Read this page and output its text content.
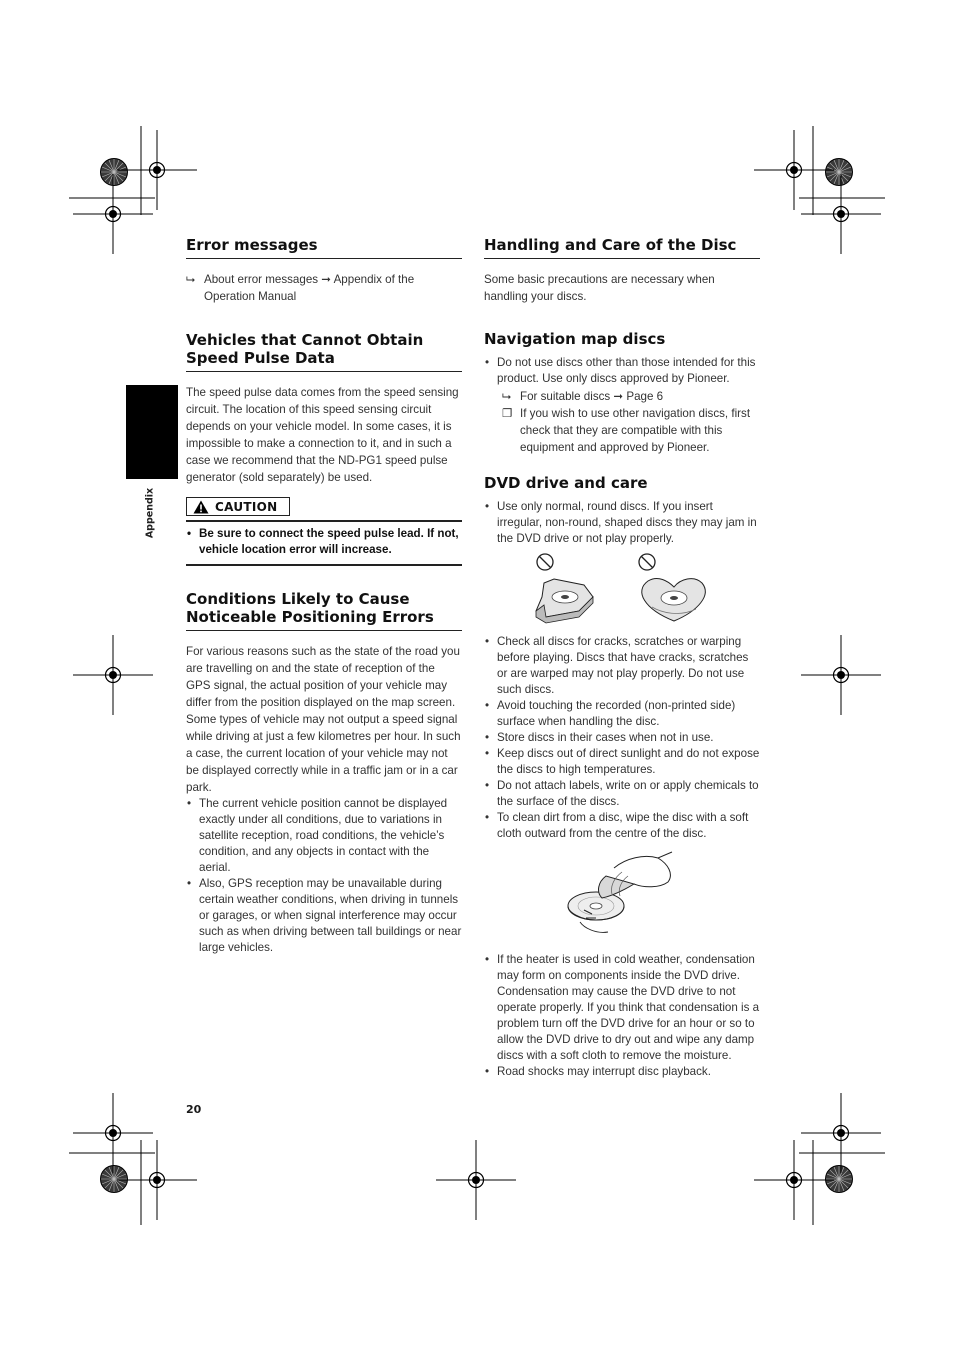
Appendix
Error messages
⮡ About error messages ➞ Appendix of the Operation Manual
Vehicles that Cannot Obtain Speed Pulse Data

The speed pulse data comes from the speed sensing circuit. The location of this speed sensing circuit depends on your vehicle model. In some cases, it is impossible to make a connection to it, and in such a case we recommend that the ND-PG1 speed pulse generator (sold separately) be used.

CAUTION
• Be sure to connect the speed pulse lead. If not, vehicle location error will increase.
Conditions Likely to Cause Noticeable Positioning Errors

For various reasons such as the state of the road you are travelling on and the state of reception of the GPS signal, the actual position of your vehicle may differ from the position displayed on the map screen.

Some types of vehicle may not output a speed signal while driving at just a few kilometres per hour. In such a case, the current location of your vehicle may not be displayed correctly while in a traffic jam or in a car park.

• The current vehicle position cannot be displayed exactly under all conditions, due to variations in satellite reception, road conditions, the vehicle’s condition, and any objects in contact with the aerial.
• Also, GPS reception may be unavailable during certain weather conditions, when driving in tunnels or garages, or when signal interference may occur such as when driving between tall buildings or near large vehicles.
Handling and Care of the Disc

Some basic precautions are necessary when handling your discs.

Navigation map discs
• Do not use discs other than those intended for this product. Use only discs approved by Pioneer.
⮡ For suitable discs ➞ Page 6
❐ If you wish to use other navigation discs, first check that they are compatible with this equipment and approved by Pioneer.
DVD drive and care
• Use only normal, round discs. If you insert irregular, non-round, shaped discs they may jam in the DVD drive or not play properly.
• Check all discs for cracks, scratches or warping before playing. Discs that have cracks, scratches or are warped may not play properly. Do not use such discs.
• Avoid touching the recorded (non-printed side) surface when handling the disc.
• Store discs in their cases when not in use.
• Keep discs out of direct sunlight and do not expose the discs to high temperatures.
• Do not attach labels, write on or apply chemicals to the surface of the discs.
• To clean dirt from a disc, wipe the disc with a soft cloth outward from the centre of the disc.
• If the heater is used in cold weather, condensation may form on components inside the DVD drive. Condensation may cause the DVD drive to not operate properly. If you think that condensation is a problem turn off the DVD drive for an hour or so to allow the DVD drive to dry out and wipe any damp discs with a soft cloth to remove the moisture.
• Road shocks may interrupt disc playback.
20
